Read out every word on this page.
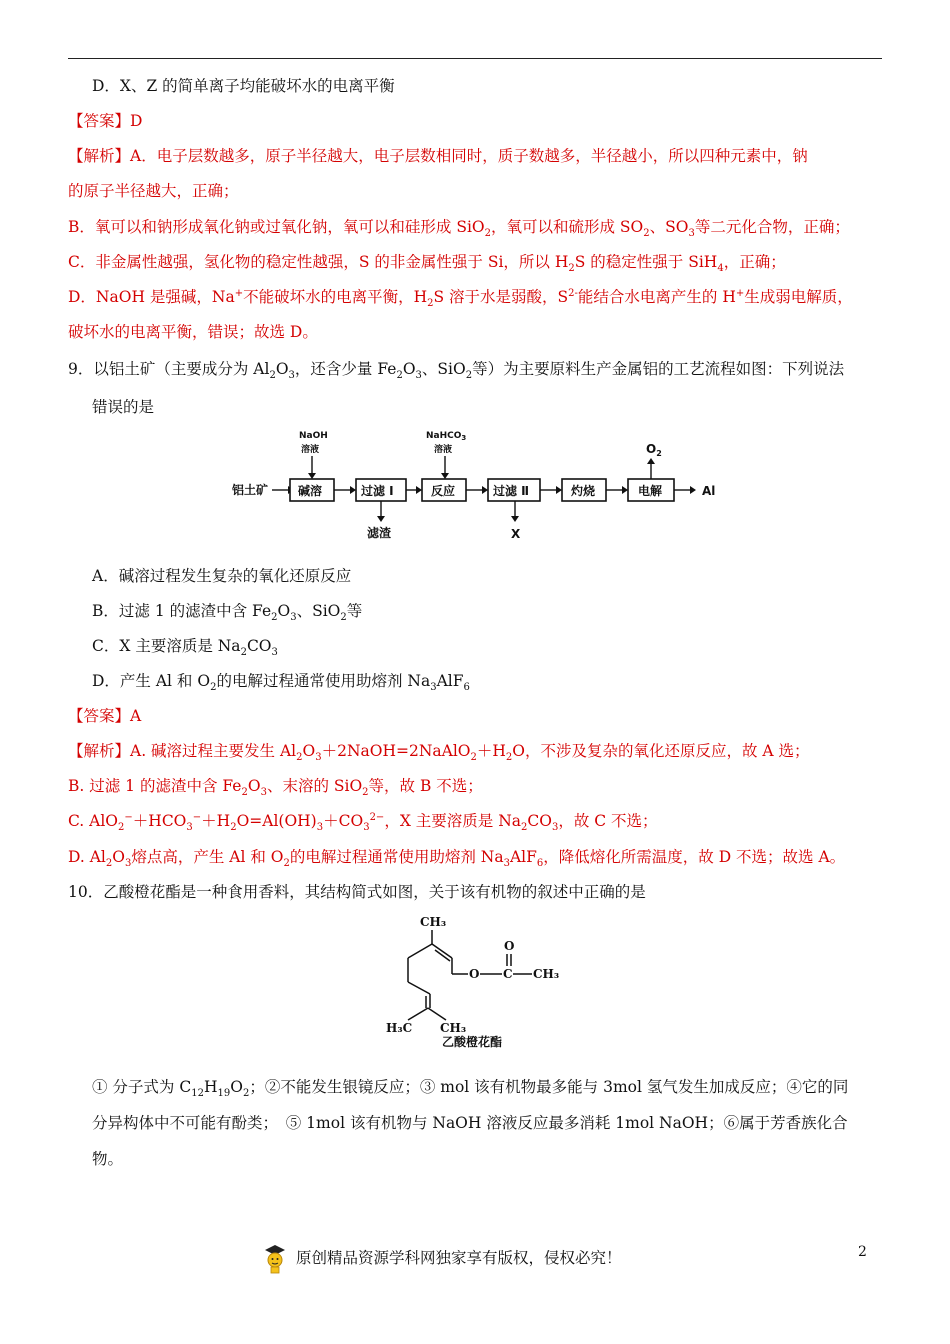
D．X、Z 的简单离子均能破坏水的电离平衡
【答案】D
【解析】A．电子层数越多，原子半径越大，电子层数相同时，质子数越多，半径越小，所以四种元素中，钠
的原子半径越大，正确；
B．氧可以和钠形成氧化钠或过氧化钠，氧可以和硅形成 SiO$_2$，氧可以和硫形成 $SO_2$、$SO_3$等二元化合物，正确；
C．非金属性越强，氢化物的稳定性越强，S 的非金属性强于 Si，所以 $H_2S$ 的稳定性强于 SiH$_4$，正确；
D．NaOH 是强碱，Na+不能破坏水的电离平衡，$H_2S$ 溶于水是弱酸，$S^{2-}$能结合水电离产生的 H+生成弱电解质，
破坏水的电离平衡，错误；故选 D。
9．以铝土矿（主要成分为 $Al_2O_3$，还含少量 $Fe_2O_3$、SiO$_2$等）为主要原料生产金属铝的工艺流程如图：下列说法
错误的是
铝土矿
NaOH
溶液
碱溶	过滤 Ⅰ
滤渣
NaHCO$_3$
溶液
反应	过滤 Ⅱ
X
灼烧	电解
$O_2$
Al
A．碱溶过程发生复杂的氧化还原反应
B．过滤 1 的滤渣中含 $Fe_2O_3$、SiO$_2$等
C．X 主要溶质是 $Na_2CO_3$
D．产生 Al 和 $O_2$的电解过程通常使用助熔剂 $Na_3AlF_6$
【答案】A
【解析】A. 碱溶过程主要发生 $Al_2O_3+2NaOH=2NaAlO_2+H_2O$，不涉及复杂的氧化还原反应，故 A 选；
B. 过滤 1 的滤渣中含 $Fe_2O_3$、末溶的 SiO$_2$等，故 B 不选；
C. $AlO_2^-+HCO_3^-+H_2O=Al(OH)_3+CO_3^{2-}$，X 主要溶质是 $Na_2CO_3$，故 C 不选；
D. $Al_2O_3$熔点高，产生 Al 和 $O_2$的电解过程通常使用助熔剂 $Na_3AlF_6$，降低熔化所需温度，故 D 不选；故选 A。
10．乙酸橙花酯是一种食用香料，其结构简式如图，关于该有机物的叙述中正确的是
CH₃
H₃C CH₃
O C
O
CH₃
乙酸橙花酯
① 分子式为 $C_{12}H_{19}O_2$；②不能发生银镜反应；③ mol 该有机物最多能与 3mol 氢气发生加成反应；④它的同
分异构体中不可能有酚类；　⑤ 1mol 该有机物与 NaOH 溶液反应最多消耗 1mol NaOH；⑥属于芳香族化合
物。
2
原创精品资源学科网独家享有版权，侵权必究！
